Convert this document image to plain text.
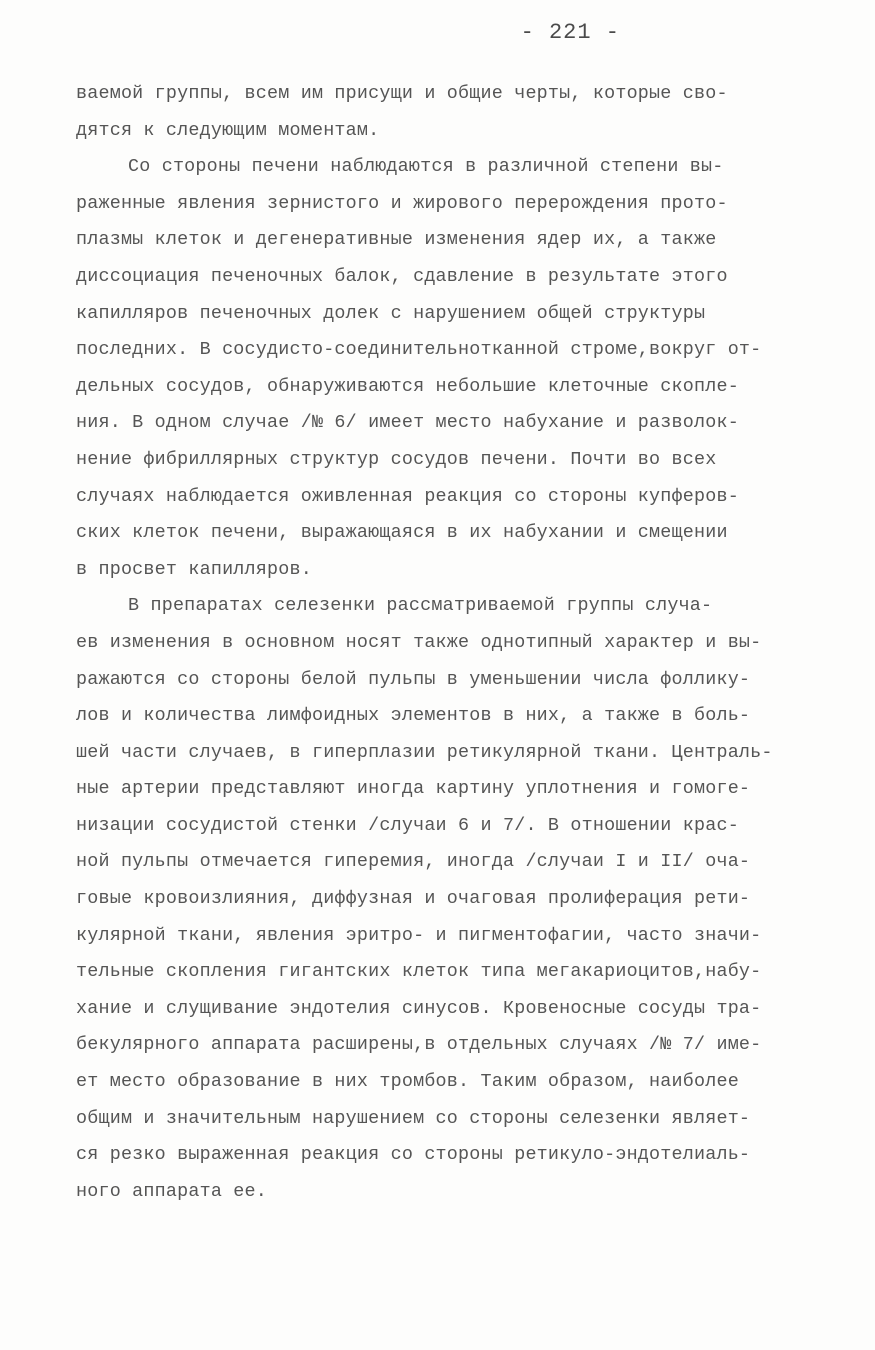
- 221 -
ваемой группы, всем им присущи и общие черты, которые сво-
дятся к следующим моментам.
Со стороны печени наблюдаются в различной степени вы-
раженные явления зернистого и жирового перерождения прото-
плазмы клеток и дегенеративные изменения ядер их, а также
диссоциация печеночных балок, сдавление в результате этого
капилляров печеночных долек с нарушением общей структуры
последних. В сосудисто-соединительнотканной строме,вокруг от-
дельных сосудов, обнаруживаются небольшие клеточные скопле-
ния. В одном случае /№ 6/ имеет место набухание и разволок-
нение фибриллярных структур сосудов печени. Почти во всех
случаях наблюдается оживленная реакция со стороны купферов-
ских клеток печени, выражающаяся в их набухании и смещении
в просвет капилляров.
В препаратах селезенки рассматриваемой группы случа-
ев изменения в основном носят также однотипный характер и вы-
ражаются со стороны белой пульпы в уменьшении числа фоллику-
лов и количества лимфоидных элементов в них, а также в боль-
шей части случаев, в гиперплазии ретикулярной ткани. Централь-
ные артерии представляют иногда картину уплотнения и гомоге-
низации сосудистой стенки /случаи 6 и 7/. В отношении крас-
ной пульпы отмечается гиперемия, иногда /случаи I и II/ оча-
говые кровоизлияния, диффузная и очаговая пролиферация рети-
кулярной ткани, явления эритро- и пигментофагии, часто значи-
тельные скопления гигантских клеток типа мегакариоцитов,набу-
хание и слущивание эндотелия синусов. Кровеносные сосуды тра-
бекулярного аппарата расширены,в отдельных случаях /№ 7/ име-
ет место образование в них тромбов. Таким образом, наиболее
общим и значительным нарушением со стороны селезенки являет-
ся резко выраженная реакция со стороны ретикуло-эндотелиаль-
ного аппарата ее.
